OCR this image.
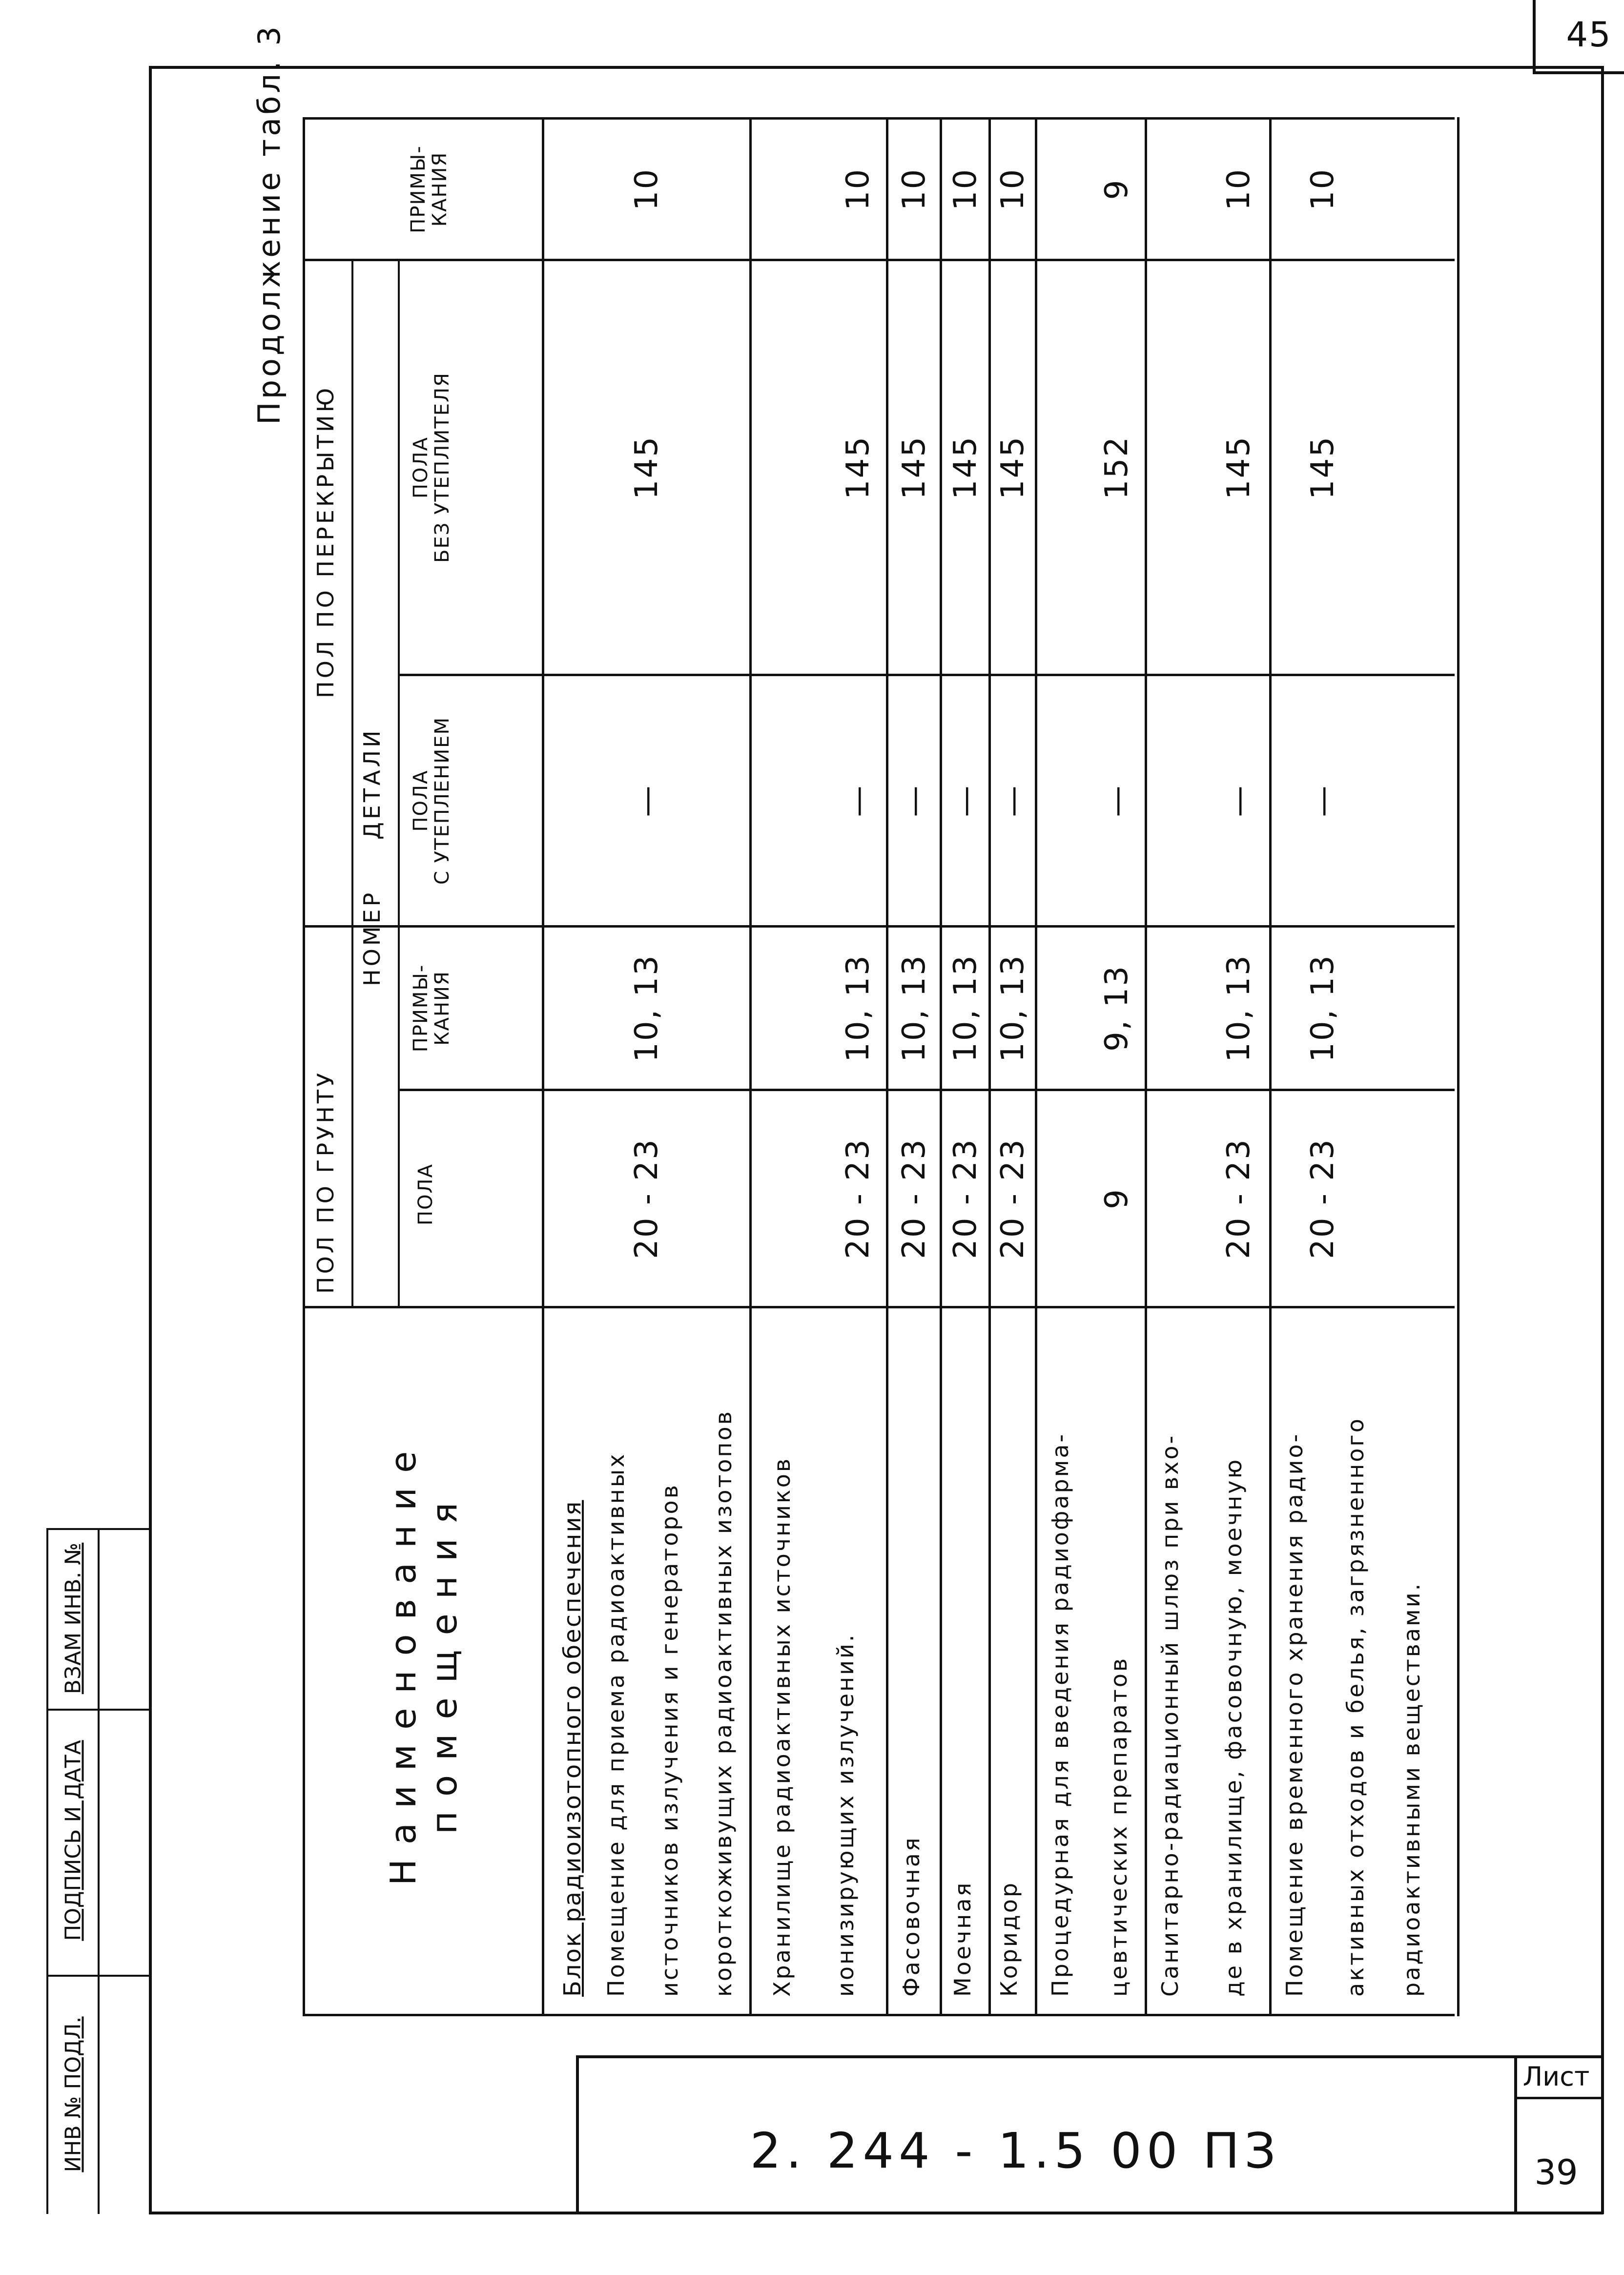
45
ВЗАМ ИНВ. №
ПОДПИСЬ И ДАТА
ИНВ № ПОДЛ.	2. 244 - 1.5 00 ПЗ
Лист
39
Продолжение табл. 3
Наименование помещения
ПОЛ ПО ГРУНТУ
ПОЛ ПО ПЕРЕКРЫТИЮ
НОМЕР
ДЕТАЛИ
ПОЛА
ПРИМЫ-
КАНИЯ
ПОЛА
С УТЕПЛЕНИЕМ
ПОЛА
БЕЗ УТЕПЛИТЕЛЯ
ПРИМЫ-
КАНИЯ
Блок радиоизотопного обеспечения Помещение для приема радиоактивных источников излучения и генераторов короткоживущих радиоактивных изотопов
20 - 23
10, 13
—
145
10
Хранилище радиоактивных источников ионизирующих излучений.
20 - 23
10, 13
—
145
10
Фасовочная
20 - 23
10, 13
—
145
10
Моечная
20 - 23
10, 13
—
145
10
Коридор
20 - 23
10, 13
—
145
10
Процедурная для введения радиофарма- цевтических препаратов
9
9, 13
—
152
9
Санитарно-радиационный шлюз при вхо- де в хранилище, фасовочную, моечную
20 - 23
10, 13
—
145
10
Помещение временного хранения радио- активных отходов и белья, загрязненного радиоактивными веществами.
20 - 23
10, 13
—
145
10
